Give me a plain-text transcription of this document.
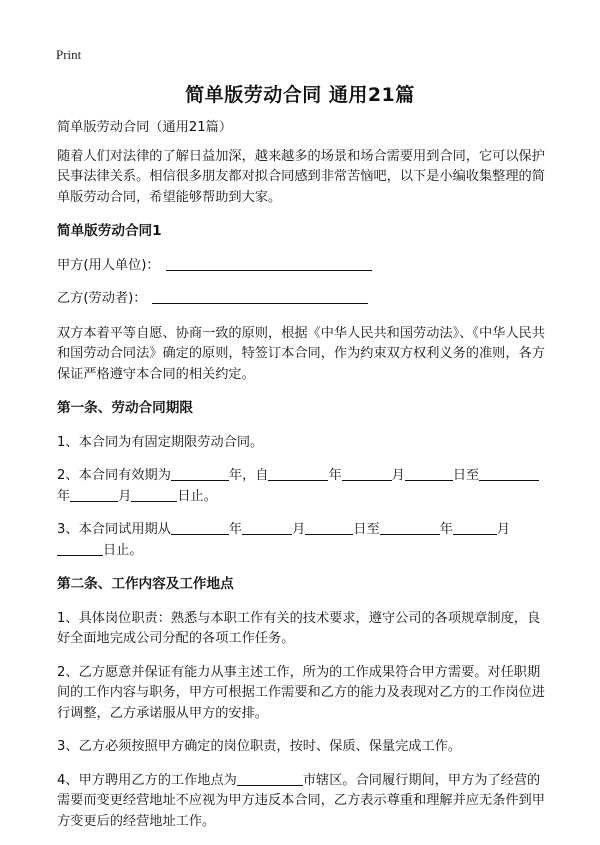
Print
简单版劳动合同 通用21篇

简单版劳动合同（通用21篇）

随着人们对法律的了解日益加深，越来越多的场景和场合需要用到合同，它可以保护民事法律关系。相信很多朋友都对拟合同感到非常苦恼吧，以下是小编收集整理的简单版劳动合同，希望能够帮助到大家。

简单版劳动合同1
甲方(用人单位)：
乙方(劳动者)：

双方本着平等自愿、协商一致的原则，根据《中华人民共和国劳动法》、《中华人民共和国劳动合同法》确定的原则，特签订本合同，作为约束双方权利义务的准则，各方保证严格遵守本合同的相关约定。

第一条、劳动合同期限

1、本合同为有固定期限劳动合同。

2、本合同有效期为	年，自	年	月	日至年	月	日止。

3、本合同试用期从	年	月	日至	年	月
日止。

第二条、工作内容及工作地点

1、具体岗位职责：熟悉与本职工作有关的技术要求，遵守公司的各项规章制度，良好全面地完成公司分配的各项工作任务。

2、乙方愿意并保证有能力从事主述工作，所为的工作成果符合甲方需要。对任职期间的工作内容与职务，甲方可根据工作需要和乙方的能力及表现对乙方的工作岗位进行调整，乙方承诺服从甲方的安排。

3、乙方必须按照甲方确定的岗位职责，按时、保质、保量完成工作。

4、甲方聘用乙方的工作地点为	市辖区。合同履行期间，甲方为了经营的需要而变更经营地址不应视为甲方违反本合同，乙方表示尊重和理解并应无条件到甲方变更后的经营地址工作。
